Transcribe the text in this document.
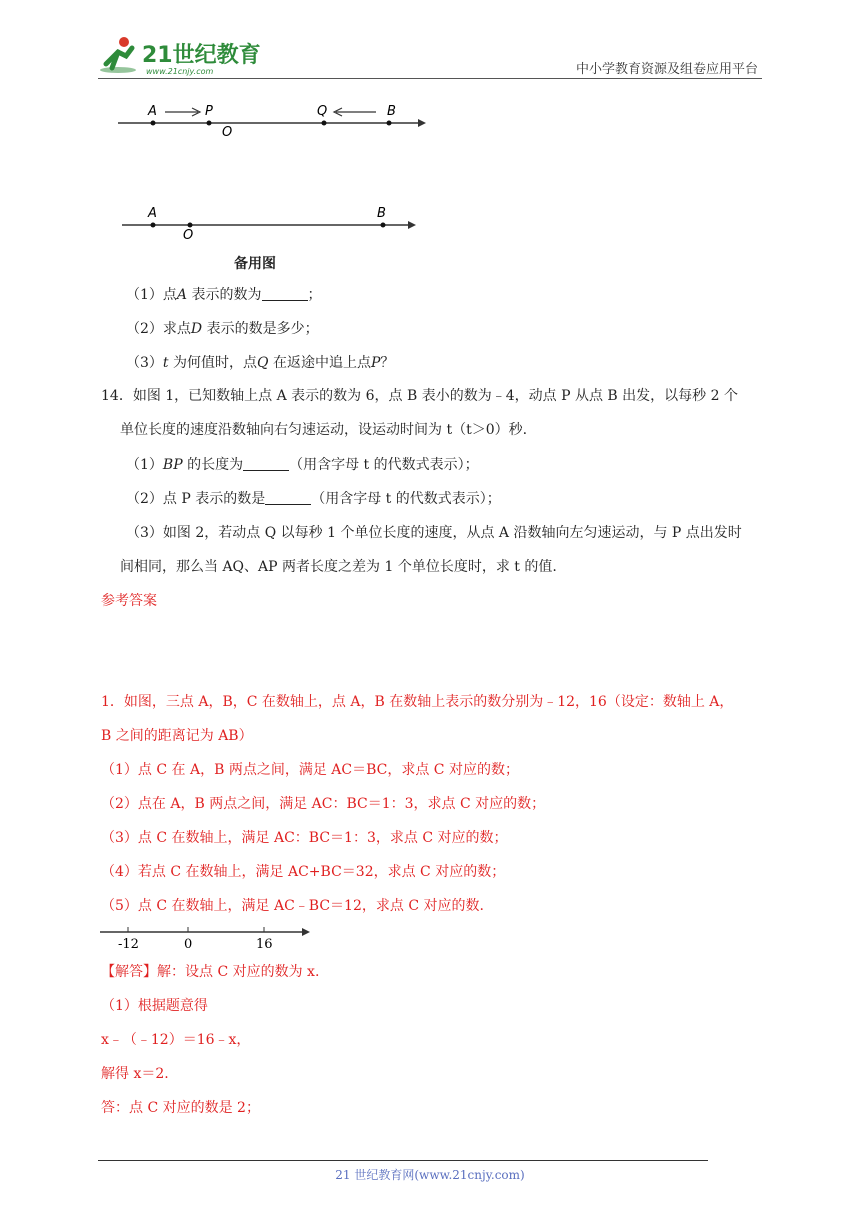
21世纪教育
www.21cnjy.com	中小学教育资源及组卷应用平台
A	P
O
Q	B
A
O
B
备用图
（1）点A 表示的数为	；
（2）求点D 表示的数是多少；
（3）t 为何值时，点Q 在返途中追上点P？
14．如图 1，已知数轴上点 A 表示的数为 6，点 B 表小的数为﹣4，动点 P 从点 B 出发，以每秒 2 个
单位长度的速度沿数轴向右匀速运动，设运动时间为 t（t＞0）秒.
（1）BP 的长度为	（用含字母 t 的代数式表示）；
（2）点 P 表示的数是	（用含字母 t 的代数式表示）；
（3）如图 2，若动点 Q 以每秒 1 个单位长度的速度，从点 A 沿数轴向左匀速运动，与 P 点出发时
间相同，那么当 AQ、AP 两者长度之差为 1 个单位长度时，求 t 的值.
参考答案
1．如图，三点 A，B，C 在数轴上，点 A，B 在数轴上表示的数分别为﹣12，16（设定：数轴上 A，
B 之间的距离记为 AB）
（1）点 C 在 A，B 两点之间，满足 AC＝BC，求点 C 对应的数；
（2）点在 A，B 两点之间，满足 AC：BC＝1：3，求点 C 对应的数；
（3）点 C 在数轴上，满足 AC：BC＝1：3，求点 C 对应的数；
（4）若点 C 在数轴上，满足 AC+BC＝32，求点 C 对应的数；
（5）点 C 在数轴上，满足 AC﹣BC＝12，求点 C 对应的数.
-12	0	16
【解答】解：设点 C 对应的数为 x.
（1）根据题意得
x﹣（﹣12）＝16﹣x，
解得 x＝2.
答：点 C 对应的数是 2；
21 世纪教育网(www.21cnjy.com)
